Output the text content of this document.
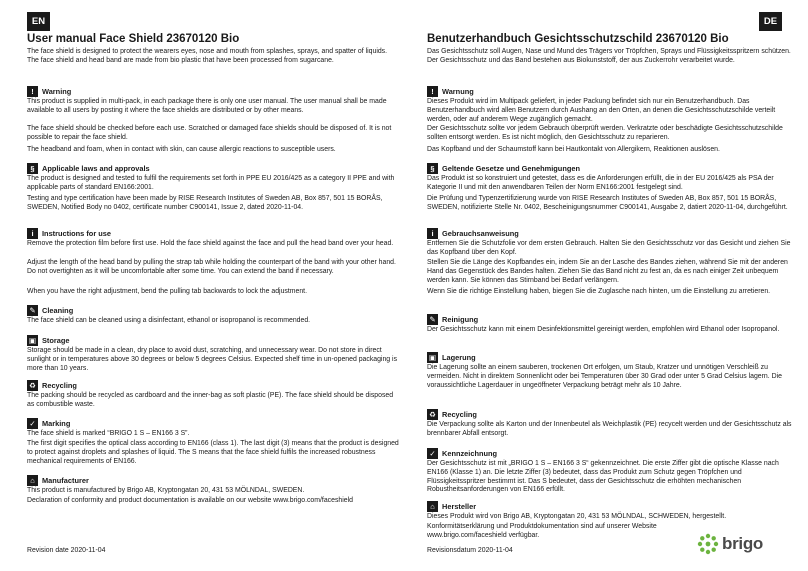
EN	DE
User manual Face Shield 23670120 Bio
The face shield is designed to protect the wearers eyes, nose and mouth from splashes, sprays, and spatter of liquids. The face shield and head band are made from bio plastic that have been processed from sugarcane.
!	Warning
This product is supplied in multi-pack, in each package there is only one user manual. The user manual shall be made available to all users by posting it where the face shields are distributed or by other means.
The face shield should be checked before each use. Scratched or damaged face shields should be disposed of. It is not possible to repair the face shield.
The headband and foam, when in contact with skin, can cause allergic reactions to susceptible users.
§	Applicable laws and approvals
The product is designed and tested to fulfil the requirements set forth in PPE EU 2016/425 as a category II PPE and with applicable parts of standard EN166:2001.
Testing and type certification have been made by RISE Research Institutes of Sweden AB, Box 857, 501 15 BORÅS, SWEDEN, Notified Body no 0402, certificate number C900141, Issue 2, dated 2020-11-04.
i	Instructions for use
Remove the protection film before first use. Hold the face shield against the face and pull the head band over your head.
Adjust the length of the head band by pulling the strap tab while holding the counterpart of the band with your other hand. Do not overtighten as it will be uncomfortable after some time. You can extend the band if necessary.
When you have the right adjustment, bend the pulling tab backwards to lock the adjustment.
✎ Cleaning
The face shield can be cleaned using a disinfectant, ethanol or isopropanol is recommended.
▣ Storage
Storage should be made in a clean, dry place to avoid dust, scratching, and unnecessary wear. Do not store in direct sunlight or in temperatures above 30 degrees or below 5 degrees Celsius. Expected shelf time in un-opened packaging is more than 10 years.
♻ Recycling
The packing should be recycled as cardboard and the inner-bag as soft plastic (PE). The face shield should be disposed as combustible waste.
✓ Marking
The face shield is marked “BRIGO 1 S – EN166 3 S”.
The first digit specifies the optical class according to EN166 (class 1). The last digit (3) means that the product is designed to protect against droplets and splashes of liquid. The S means that the face shield fulfils the increased robustness mechanical requirements of EN166.
⌂ Manufacturer
This product is manufactured by Brigo AB, Kryptongatan 20, 431 53 MÖLNDAL, SWEDEN.
Declaration of conformity and product documentation is available on our website www.brigo.com/faceshield
Revision date 2020-11-04
Benutzerhandbuch Gesichtsschutzschild 23670120 Bio
Das Gesichtsschutz soll Augen, Nase und Mund des Trägers vor Tröpfchen, Sprays und Flüssigkeitsspritzern schützen. Der Gesichtsschutz und das Band bestehen aus Biokunststoff, der aus Zuckerrohr verarbeitet wurde.
!	Warnung
Dieses Produkt wird im Multipack geliefert, in jeder Packung befindet sich nur ein Benutzerhandbuch. Das Benutzerhandbuch wird allen Benutzern durch Aushang an den Orten, an denen die Gesichtsschutzschilde verteilt werden, oder auf anderem Wege zugänglich gemacht.
Der Gesichtsschutz sollte vor jedem Gebrauch überprüft werden. Verkratzte oder beschädigte Gesichtsschutzschilde sollten entsorgt werden. Es ist nicht möglich, den Gesichtsschutz zu reparieren.
Das Kopfband und der Schaumstoff kann bei Hautkontakt von Allergikern, Reaktionen auslösen.
§	Geltende Gesetze und Genehmigungen
Das Produkt ist so konstruiert und getestet, dass es die Anforderungen erfüllt, die in der EU 2016/425 als PSA der Kategorie II und mit den anwendbaren Teilen der Norm EN166:2001 festgelegt sind.
Die Prüfung und Typenzertifizierung wurde von RISE Research Institutes of Sweden AB, Box 857, 501 15 BORÅS, SWEDEN, notifizierte Stelle Nr. 0402, Bescheinigungsnummer C900141, Ausgabe 2, datiert 2020-11-04, durchgeführt.
i	Gebrauchsanweisung
Entfernen Sie die Schutzfolie vor dem ersten Gebrauch. Halten Sie den Gesichtsschutz vor das Gesicht und ziehen Sie das Kopfband über den Kopf.
Stellen Sie die Länge des Kopfbandes ein, indem Sie an der Lasche des Bandes ziehen, während Sie mit der anderen Hand das Gegenstück des Bandes halten. Ziehen Sie das Band nicht zu fest an, da es nach einiger Zeit unbequem werden kann. Sie können das Stirnband bei Bedarf verlängern.
Wenn Sie die richtige Einstellung haben, biegen Sie die Zuglasche nach hinten, um die Einstellung zu arretieren.
✎ Reinigung
Der Gesichtsschutz kann mit einem Desinfektionsmittel gereinigt werden, empfohlen wird Ethanol oder Isopropanol.
▣ Lagerung
Die Lagerung sollte an einem sauberen, trockenen Ort erfolgen, um Staub, Kratzer und unnötigen Verschleiß zu vermeiden. Nicht in direktem Sonnenlicht oder bei Temperaturen über 30 Grad oder unter 5 Grad Celsius lagern. Die voraussichtliche Lagerdauer in ungeöffneter Verpackung beträgt mehr als 10 Jahre.
♻ Recycling
Die Verpackung sollte als Karton und der Innenbeutel als Weichplastik (PE) recycelt werden und der Gesichtsschutz als brennbarer Abfall entsorgt.
✓ Kennzeichnung
Der Gesichtsschutz ist mit „BRIGO 1 S – EN166 3 S“ gekennzeichnet. Die erste Ziffer gibt die optische Klasse nach EN166 (Klasse 1) an. Die letzte Ziffer (3) bedeutet, dass das Produkt zum Schutz gegen Tröpfchen und Flüssigkeitsspritzer bestimmt ist. Das S bedeutet, dass der Gesichtsschutz die erhöhten mechanischen Robustheitsanforderungen von EN166 erfüllt.
⌂ Hersteller
Dieses Produkt wird von Brigo AB, Kryptongatan 20, 431 53 MÖLNDAL, SCHWEDEN, hergestellt.
Konformitätserklärung und Produktdokumentation sind auf unserer Website www.brigo.com/faceshield verfügbar.
Revisionsdatum 2020-11-04	brigo
